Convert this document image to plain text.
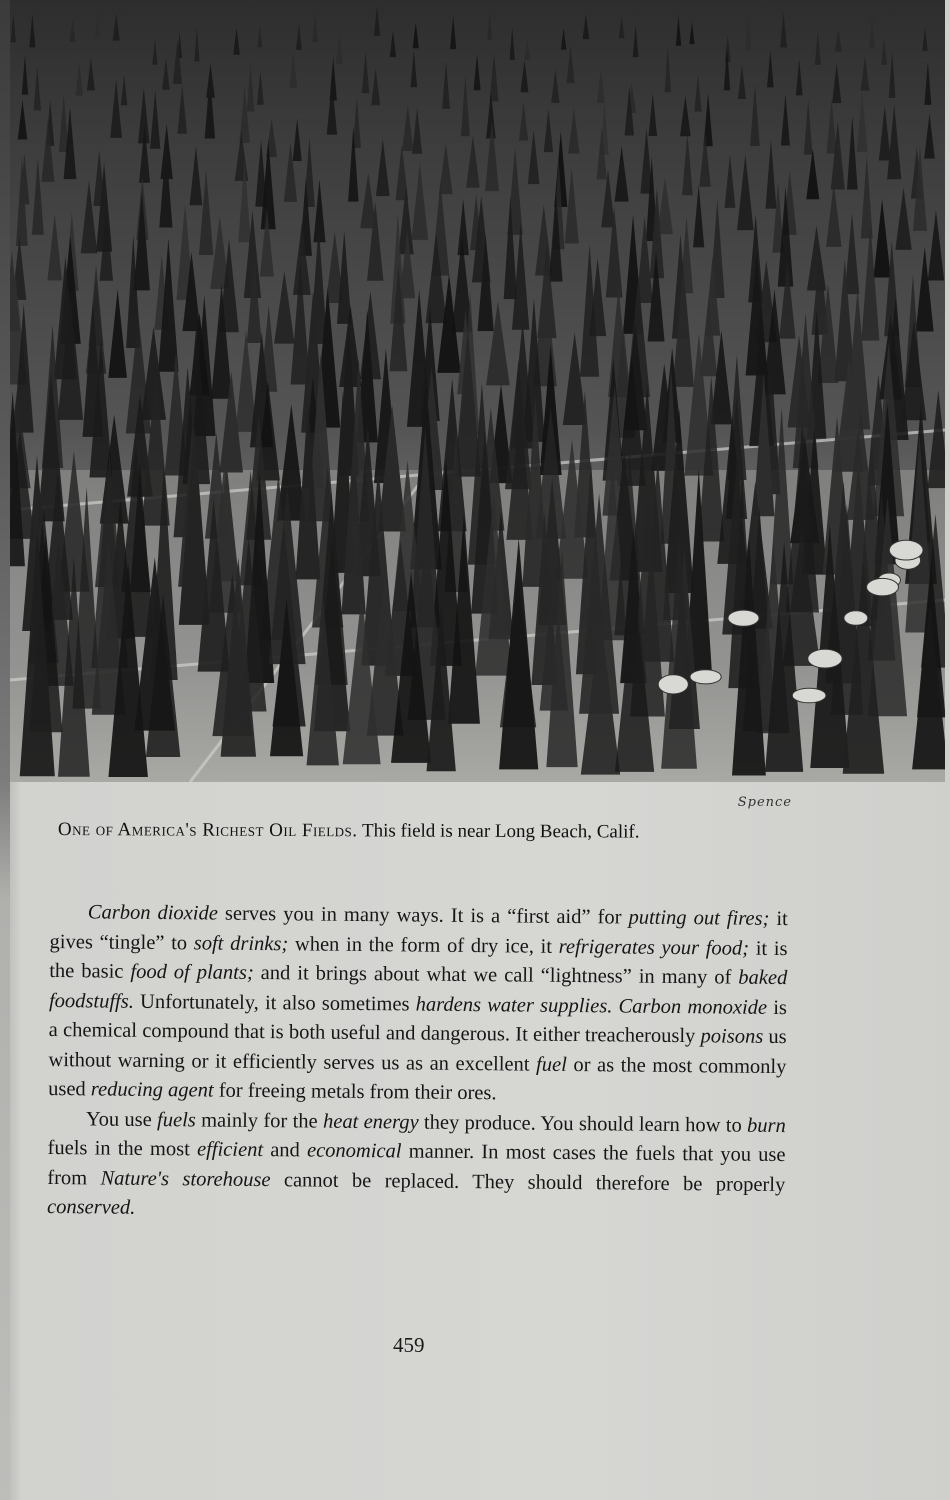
Spence
One of America's Richest Oil Fields. This field is near Long Beach, Calif.

Carbon dioxide serves you in many ways. It is a “first aid” for putting out fires; it gives “tingle” to soft drinks; when in the form of dry ice, it refrigerates your food; it is the basic food of plants; and it brings about what we call “lightness” in many of baked foodstuffs. Unfortunately, it also sometimes hardens water supplies. Carbon monoxide is a chemical compound that is both useful and dangerous. It either treacherously poisons us without warning or it efficiently serves us as an excellent fuel or as the most commonly used reducing agent for freeing metals from their ores.

You use fuels mainly for the heat energy they produce. You should learn how to burn fuels in the most efficient and economical manner. In most cases the fuels that you use from Nature's storehouse cannot be replaced. They should therefore be properly conserved.

459
